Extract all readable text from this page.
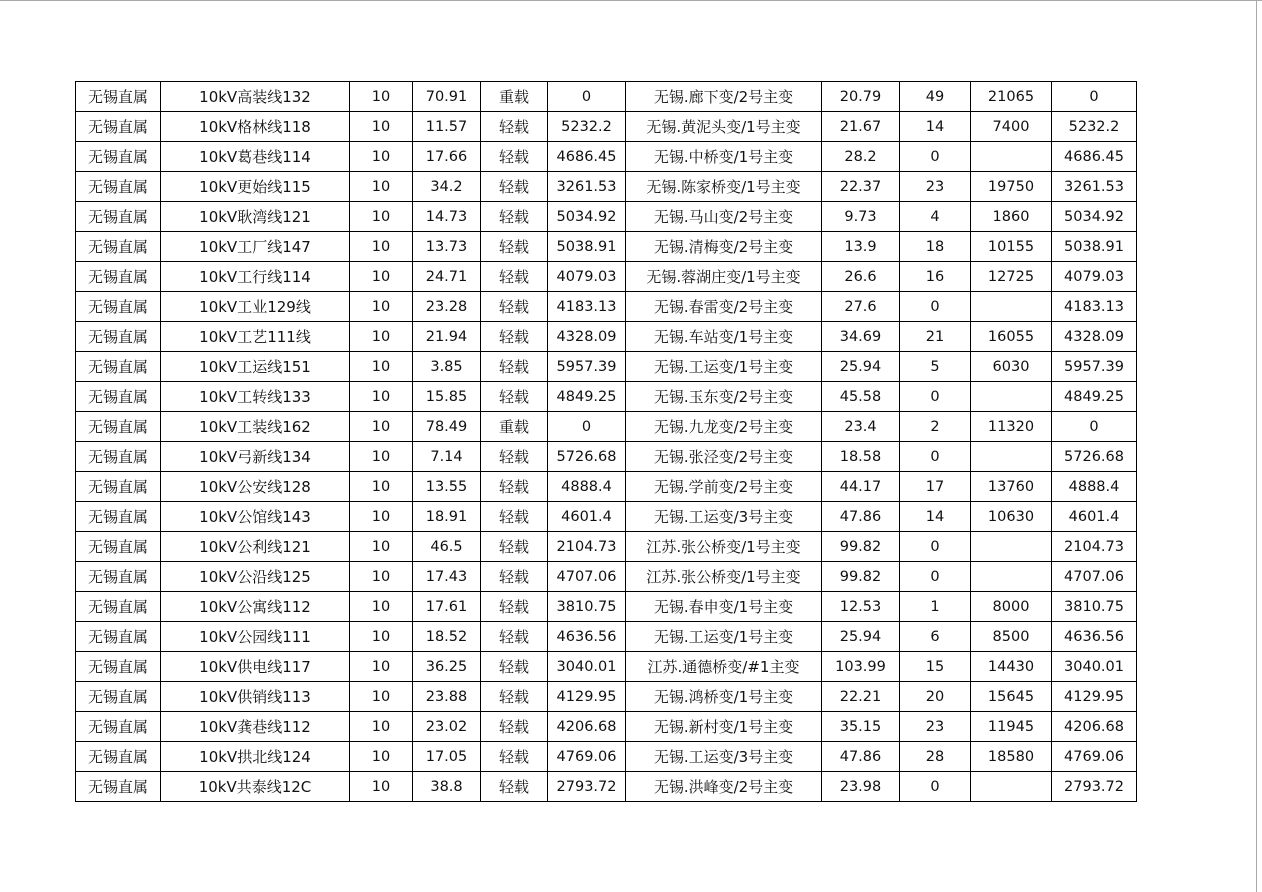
无锡直属	10kV高装线132	10	70.91	重载	0	无锡.廊下变/2号主变	20.79	49	21065	0
无锡直属	10kV格林线118	10	11.57	轻载	5232.2	无锡.黄泥头变/1号主变	21.67	14	7400	5232.2
无锡直属	10kV葛巷线114	10	17.66	轻载	4686.45	无锡.中桥变/1号主变	28.2	0		4686.45
无锡直属	10kV更始线115	10	34.2	轻载	3261.53	无锡.陈家桥变/1号主变	22.37	23	19750	3261.53
无锡直属	10kV耿湾线121	10	14.73	轻载	5034.92	无锡.马山变/2号主变	9.73	4	1860	5034.92
无锡直属	10kV工厂线147	10	13.73	轻载	5038.91	无锡.清梅变/2号主变	13.9	18	10155	5038.91
无锡直属	10kV工行线114	10	24.71	轻载	4079.03	无锡.蓉湖庄变/1号主变	26.6	16	12725	4079.03
无锡直属	10kV工业129线	10	23.28	轻载	4183.13	无锡.春雷变/2号主变	27.6	0		4183.13
无锡直属	10kV工艺111线	10	21.94	轻载	4328.09	无锡.车站变/1号主变	34.69	21	16055	4328.09
无锡直属	10kV工运线151	10	3.85	轻载	5957.39	无锡.工运变/1号主变	25.94	5	6030	5957.39
无锡直属	10kV工转线133	10	15.85	轻载	4849.25	无锡.玉东变/2号主变	45.58	0		4849.25
无锡直属	10kV工装线162	10	78.49	重载	0	无锡.九龙变/2号主变	23.4	2	11320	0
无锡直属	10kV弓新线134	10	7.14	轻载	5726.68	无锡.张泾变/2号主变	18.58	0		5726.68
无锡直属	10kV公安线128	10	13.55	轻载	4888.4	无锡.学前变/2号主变	44.17	17	13760	4888.4
无锡直属	10kV公馆线143	10	18.91	轻载	4601.4	无锡.工运变/3号主变	47.86	14	10630	4601.4
无锡直属	10kV公利线121	10	46.5	轻载	2104.73	江苏.张公桥变/1号主变	99.82	0		2104.73
无锡直属	10kV公沿线125	10	17.43	轻载	4707.06	江苏.张公桥变/1号主变	99.82	0		4707.06
无锡直属	10kV公寓线112	10	17.61	轻载	3810.75	无锡.春申变/1号主变	12.53	1	8000	3810.75
无锡直属	10kV公园线111	10	18.52	轻载	4636.56	无锡.工运变/1号主变	25.94	6	8500	4636.56
无锡直属	10kV供电线117	10	36.25	轻载	3040.01	江苏.通德桥变/#1主变	103.99	15	14430	3040.01
无锡直属	10kV供销线113	10	23.88	轻载	4129.95	无锡.鸿桥变/1号主变	22.21	20	15645	4129.95
无锡直属	10kV龚巷线112	10	23.02	轻载	4206.68	无锡.新村变/1号主变	35.15	23	11945	4206.68
无锡直属	10kV拱北线124	10	17.05	轻载	4769.06	无锡.工运变/3号主变	47.86	28	18580	4769.06
无锡直属	10kV共泰线12C	10	38.8	轻载	2793.72	无锡.洪峰变/2号主变	23.98	0		2793.72
